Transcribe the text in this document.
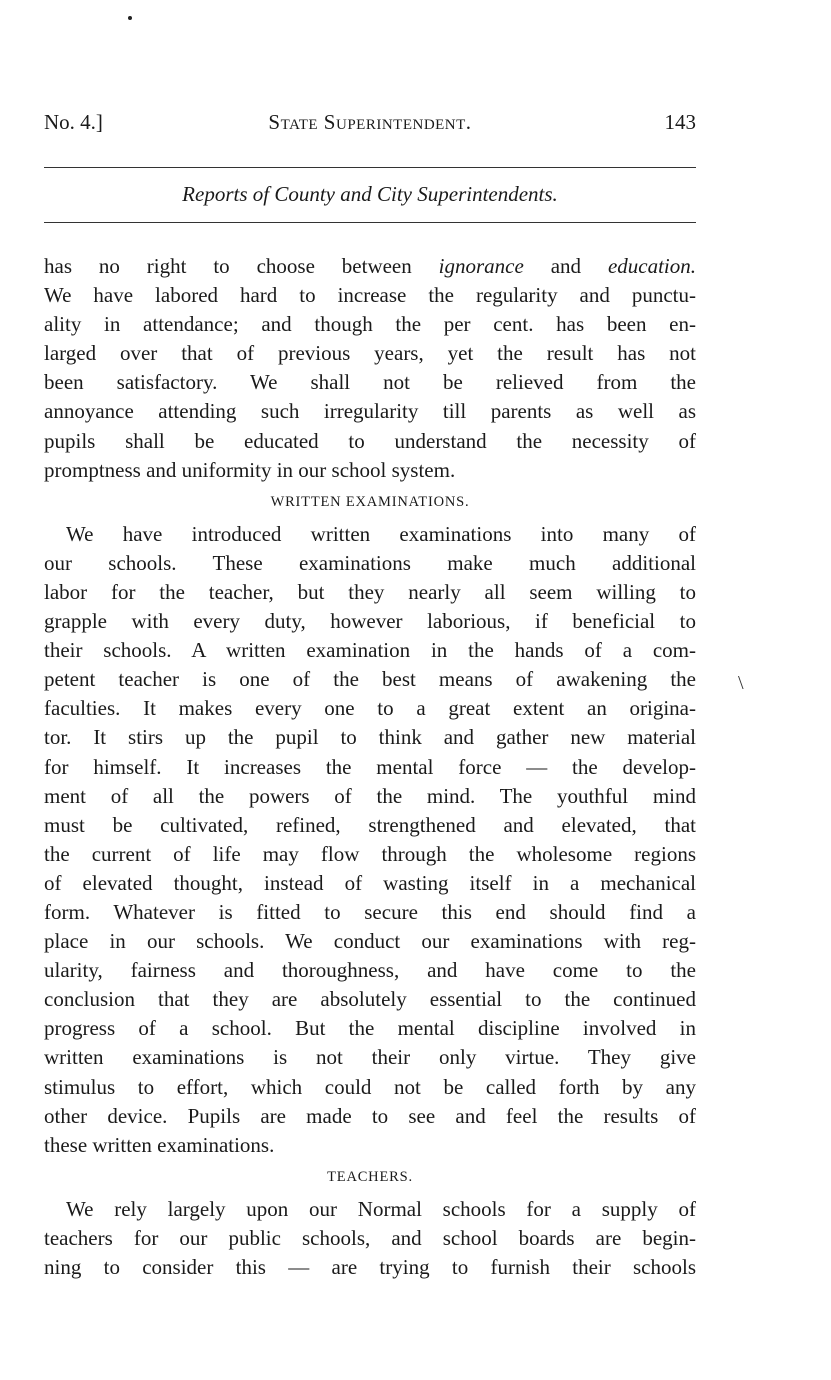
No. 4.]	State Superintendent.	143
Reports of County and City Superintendents.
has no right to choose between ignorance and education.
We have labored hard to increase the regularity and punctu-
ality in attendance; and though the per cent. has been en-
larged over that of previous years, yet the result has not
been satisfactory. We shall not be relieved from the
annoyance attending such irregularity till parents as well as
pupils shall be educated to understand the necessity of
promptness and uniformity in our school system.
WRITTEN EXAMINATIONS.
We have introduced written examinations into many of
our schools. These examinations make much additional
labor for the teacher, but they nearly all seem willing to
grapple with every duty, however laborious, if beneficial to
their schools. A written examination in the hands of a com-
petent teacher is one of the best means of awakening the
faculties. It makes every one to a great extent an origina-
tor. It stirs up the pupil to think and gather new material
for himself. It increases the mental force — the develop-
ment of all the powers of the mind. The youthful mind
must be cultivated, refined, strengthened and elevated, that
the current of life may flow through the wholesome regions
of elevated thought, instead of wasting itself in a mechanical
form. Whatever is fitted to secure this end should find a
place in our schools. We conduct our examinations with reg-
ularity, fairness and thoroughness, and have come to the
conclusion that they are absolutely essential to the continued
progress of a school. But the mental discipline involved in
written examinations is not their only virtue. They give
stimulus to effort, which could not be called forth by any
other device. Pupils are made to see and feel the results of
these written examinations.
TEACHERS.
We rely largely upon our Normal schools for a supply of
teachers for our public schools, and school boards are begin-
ning to consider this — are trying to furnish their schools
\
